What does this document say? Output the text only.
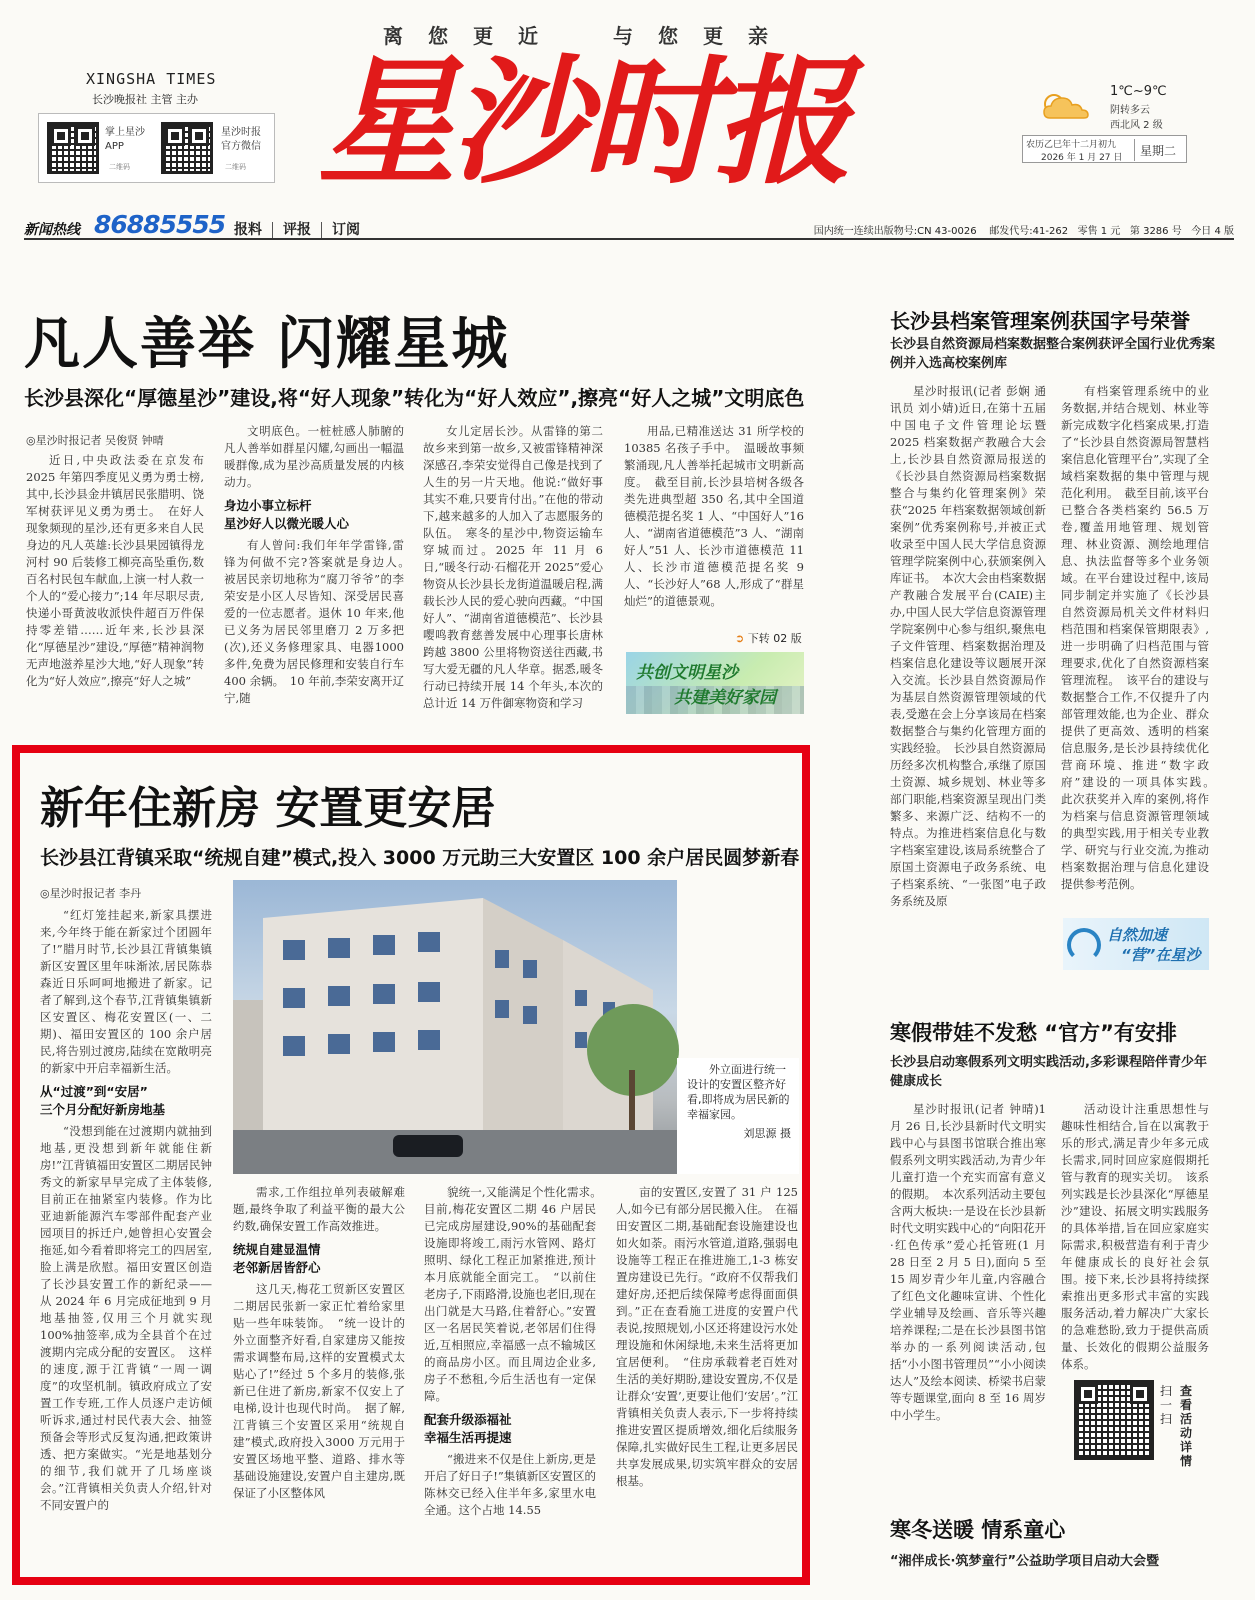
离	您	更	近	与	您	更	亲
XINGSHA TIMES
长沙晚报社 主管 主办
掌上星沙
APP
二维码
星沙时报
官方微信
二维码 星沙时报	1℃~9℃
阴转多云
西北风 2 级
农历乙巳年十二月初九
2026 年 1 月 27 日 星期二
新闻热线 86885555 报料 评报 订阅	国内统一连续出版物号:CN 43-0026 邮发代号:41-262 零售 1 元 第 3286 号 今日 4 版
凡人善举 闪耀星城
长沙县深化“厚德星沙”建设,将“好人现象”转化为“好人效应”,擦亮“好人之城”文明底色
◎星沙时报记者 吴俊贤 钟晴

近日,中央政法委在京发布2025 年第四季度见义勇为勇士榜,其中,长沙县金井镇居民张腊明、饶军树获评见义勇为勇士。　在好人现象频现的星沙,还有更多来自人民身边的凡人英雄:长沙县果园镇得龙河村 90 后装修工柳亮高坠重伤,数百名村民包车献血,上演一村人救一个人的“爱心接力”;14 年尽职尽责,快递小哥黄波收派快件超百万件保持零差错……近年来,长沙县深化“厚德星沙”建设,“厚德”精神润物无声地滋养星沙大地,“好人现象”转化为“好人效应”,擦亮“好人之城”

文明底色。一桩桩感人肺腑的凡人善举如群星闪耀,勾画出一幅温暖群像,成为星沙高质量发展的内核动力。

身边小事立标杆
星沙好人以微光暖人心

有人曾问:我们年年学雷锋,雷锋为何做不完?答案就是身边人。　被居民亲切地称为“腐刀爷爷”的李荣安是小区人尽皆知、深受居民喜爱的一位志愿者。退休 10 年来,他已义务为居民邻里磨刀 2 万多把(次),还义务修理家具、电器1000 多件,免费为居民修理和安装自行车 400 余辆。　10 年前,李荣安离开辽宁,随

女儿定居长沙。从雷锋的第二故乡来到第一故乡,又被雷锋精神深深感召,李荣安觉得自己像是找到了人生的另一片天地。他说:“做好事其实不难,只要肯付出。”在他的带动下,越来越多的人加入了志愿服务的队伍。　寒冬的星沙中,物资运输车穿城而过。2025 年 11 月 6 日,“暖冬行动·石榴花开 2025”爱心物资从长沙县长龙街道温暖启程,满载长沙人民的爱心驶向西藏。“中国好人”、“湖南省道德模范”、长沙县嘤鸣教育慈善发展中心理事长唐林跨越 3800 公里将物资送往西藏,书写大爱无疆的凡人华章。据悉,暖冬行动已持续开展 14 个年头,本次的总计近 14 万件御寒物资和学习

用品,已精准送达 31 所学校的 10385 名孩子手中。　温暖故事频繁涌现,凡人善举托起城市文明新高度。　截至目前,长沙县培树各级各类先进典型超 350 名,其中全国道德模范提名奖 1 人、“中国好人”16人、“湖南省道德模范”3 人、“湖南好人”51 人、长沙市道德模范 11 人、长沙市道德模范提名奖 9 人、“长沙好人”68 人,形成了“群星灿烂”的道德景观。

➲ 下转 02 版
共创文明星沙
共建美好家园
新年住新房 安置更安居
长沙县江背镇采取“统规自建”模式,投入 3000 万元助三大安置区 100 余户居民圆梦新春
◎星沙时报记者 李丹

“红灯笼挂起来,新家具摆进来,今年终于能在新家过个团圆年了!”腊月时节,长沙县江背镇集镇新区安置区里年味渐浓,居民陈恭森近日乐呵呵地搬进了新家。记者了解到,这个春节,江背镇集镇新区安置区、梅花安置区(一、二期)、福田安置区的 100 余户居民,将告别过渡房,陆续在宽敞明亮的新家中开启幸福新生活。

从“过渡”到“安居”
三个月分配好新房地基

“没想到能在过渡期内就抽到地基,更没想到新年就能住新房!”江背镇福田安置区二期居民钟秀文的新家早早完成了主体装修,目前正在抽紧室内装修。作为比亚迪新能源汽车零部件配套产业园项目的拆迁户,她曾担心安置会拖延,如今看着即将完工的四居室,脸上满是欣慰。福田安置区创造了长沙县安置工作的新纪录——从 2024 年 6 月完成征地到 9 月地基抽签,仅用三个月就实现 100%抽签率,成为全县首个在过渡期内完成分配的安置区。　这样的速度,源于江背镇“一周一调度”的攻坚机制。镇政府成立了安置工作专班,工作人员逐户走访倾听诉求,通过村民代表大会、抽签预备会等形式反复沟通,把政策讲透、把方案做实。“光是地基划分的细节,我们就开了几场座谈会。”江背镇相关负责人介绍,针对不同安置户的

外立面进行统一设计的安置区整齐好看,即将成为居民新的幸福家园。
刘思源 摄

需求,工作组拉单列表破解难题,最终争取了利益平衡的最大公约数,确保安置工作高效推进。

统规自建显温情
老邻新居皆舒心

这几天,梅花工贸新区安置区二期居民张新一家正忙着给家里贴一些年味装饰。　“统一设计的外立面整齐好看,自家建房又能按需求调整布局,这样的安置模式太贴心了!”经过 5 个多月的装修,张新已住进了新房,新家不仅安上了电梯,设计也现代时尚。　据了解,江背镇三个安置区采用“统规自建”模式,政府投入3000 万元用于安置区场地平整、道路、排水等基础设施建设,安置户自主建房,既保证了小区整体风

貌统一,又能满足个性化需求。　目前,梅花安置区二期 46 户居民已完成房屋建设,90%的基础配套设施即将竣工,雨污水管网、路灯照明、绿化工程正加紧推进,预计本月底就能全面完工。　“以前住老房子,下雨路滑,设施也老旧,现在出门就是大马路,住着舒心。”安置区一名居民笑着说,老邻居们住得近,互相照应,幸福感一点不输城区的商品房小区。而且周边企业多,房子不愁租,今后生活也有一定保障。

配套升级添福祉
幸福生活再提速

“搬进来不仅是住上新房,更是开启了好日子!”集镇新区安置区的陈林交已经入住半年多,家里水电全通。这个占地 14.55

亩的安置区,安置了 31 户 125人,如今已有部分居民搬入住。　在福田安置区二期,基础配套设施建设也如火如荼。雨污水管道,道路,强弱电设施等工程正在推进施工,1-3 栋安置房建设已先行。“政府不仅帮我们建好房,还把后续保障考虑得面面俱到。”正在查看施工进度的安置户代表说,按照规划,小区还将建设污水处理设施和休闲绿地,未来生活将更加宜居便利。　“住房承载着老百姓对生活的美好期盼,建设安置房,不仅是让群众‘安置’,更要让他们‘安居’。”江背镇相关负责人表示,下一步将持续推进安置区提质增效,细化后续服务保障,扎实做好民生工程,让更多居民共享发展成果,切实筑牢群众的安居根基。

长沙县档案管理案例获国字号荣誉
长沙县自然资源局档案数据整合案例获评全国行业优秀案例并入选高校案例库

星沙时报讯(记者 彭娴 通讯员 刘小婧)近日,在第十五届中国电子文件管理论坛暨 2025 档案数据产教融合大会上,长沙县自然资源局报送的《长沙县自然资源局档案数据整合与集约化管理案例》荣获“2025 年档案数据领域创新案例”优秀案例称号,并被正式收录至中国人民大学信息资源管理学院案例中心,获颁案例入库证书。　本次大会由档案数据产教融合发展平台(CAIE)主办,中国人民大学信息资源管理学院案例中心参与组织,聚焦电子文件管理、档案数据治理及档案信息化建设等议题展开深入交流。长沙县自然资源局作为基层自然资源管理领域的代表,受邀在会上分享该局在档案数据整合与集约化管理方面的实践经验。　长沙县自然资源局历经多次机构整合,承继了原国土资源、城乡规划、林业等多部门职能,档案资源呈现出门类繁多、来源广泛、结构不一的特点。为推进档案信息化与数字档案室建设,该局系统整合了原国土资源电子政务系统、电子档案系统、“一张图”电子政务系统及原

有档案管理系统中的业务数据,并结合规划、林业等新完成数字化档案成果,打造了“长沙县自然资源局智慧档案信息化管理平台”,实现了全域档案数据的集中管理与规范化利用。　截至目前,该平台已整合各类档案约 56.5 万卷,覆盖用地管理、规划管理、林业资源、测绘地理信息、执法监督等多个业务领域。在平台建设过程中,该局同步制定并实施了《长沙县自然资源局机关文件材料归档范围和档案保管期限表》,进一步明确了归档范围与管理要求,优化了自然资源档案管理流程。　该平台的建设与数据整合工作,不仅提升了内部管理效能,也为企业、群众提供了更高效、透明的档案信息服务,是长沙县持续优化营商环境、推进“数字政府”建设的一项具体实践。　此次获奖并入库的案例,将作为档案与信息资源管理领域的典型实践,用于相关专业教学、研究与行业交流,为推动档案数据治理与信息化建设提供参考范例。

自然加速
“营”在星沙
寒假带娃不发愁 “官方”有安排
长沙县启动寒假系列文明实践活动,多彩课程陪伴青少年健康成长

星沙时报讯(记者 钟晴)1 月 26 日,长沙县新时代文明实践中心与县图书馆联合推出寒假系列文明实践活动,为青少年儿童打造一个充实而富有意义的假期。　本次系列活动主要包含两大板块:一是设在长沙县新时代文明实践中心的“向阳花开·红色传承”爱心托管班(1 月 28 日至 2 月 5 日),面向 5 至 15 周岁青少年儿童,内容融合了红色文化趣味宣讲、个性化学业辅导及绘画、音乐等兴趣培养课程;二是在长沙县图书馆举办的一系列阅读活动,包括“小小图书管理员”“小小阅读达人”及绘本阅读、桥梁书启蒙等专题课堂,面向 8 至 16 周岁中小学生。

活动设计注重思想性与趣味性相结合,旨在以寓教于乐的形式,满足青少年多元成长需求,同时回应家庭假期托管与教育的现实关切。　该系列实践是长沙县深化“厚德星沙”建设、拓展文明实践服务的具体举措,旨在回应家庭实际需求,积极营造有利于青少年健康成长的良好社会氛围。接下来,长沙县将持续探索推出更多形式丰富的实践服务活动,着力解决广大家长的急难愁盼,致力于提供高质量、长效化的假期公益服务体系。

扫一扫
查看活动详情
寒冬送暖 情系童心
“湘伴成长·筑梦童行”公益助学项目启动大会暨
